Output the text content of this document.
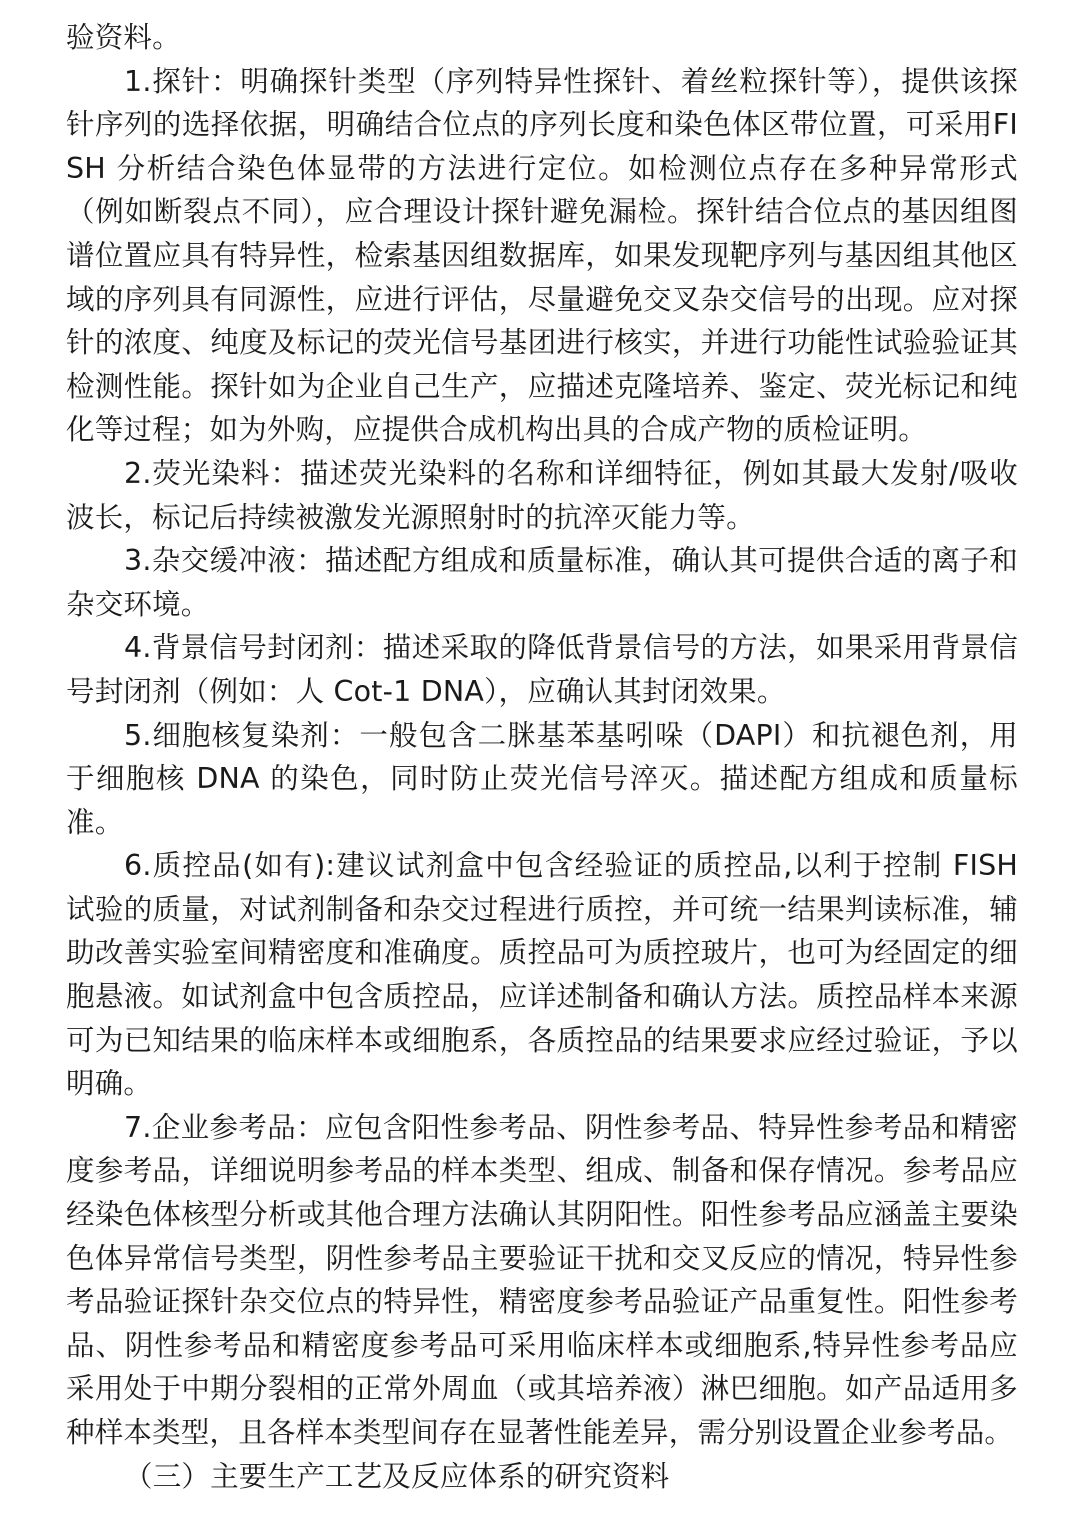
验资料。

1.探针：明确探针类型（序列特异性探针、着丝粒探针等），提供该探针序列的选择依据，明确结合位点的序列长度和染色体区带位置，可采用FISH 分析结合染色体显带的方法进行定位。如检测位点存在多种异常形式（例如断裂点不同），应合理设计探针避免漏检。探针结合位点的基因组图谱位置应具有特异性，检索基因组数据库，如果发现靶序列与基因组其他区域的序列具有同源性，应进行评估，尽量避免交叉杂交信号的出现。应对探针的浓度、纯度及标记的荧光信号基团进行核实，并进行功能性试验验证其检测性能。探针如为企业自己生产，应描述克隆培养、鉴定、荧光标记和纯化等过程；如为外购，应提供合成机构出具的合成产物的质检证明。

2.荧光染料：描述荧光染料的名称和详细特征，例如其最大发射/吸收波长，标记后持续被激发光源照射时的抗淬灭能力等。

3.杂交缓冲液：描述配方组成和质量标准，确认其可提供合适的离子和杂交环境。

4.背景信号封闭剂：描述采取的降低背景信号的方法，如果采用背景信号封闭剂（例如：人 Cot-1 DNA），应确认其封闭效果。

5.细胞核复染剂：一般包含二脒基苯基吲哚（DAPI）和抗褪色剂，用于细胞核 DNA 的染色，同时防止荧光信号淬灭。描述配方组成和质量标准。

6.质控品(如有):建议试剂盒中包含经验证的质控品,以利于控制 FISH 试验的质量，对试剂制备和杂交过程进行质控，并可统一结果判读标准，辅助改善实验室间精密度和准确度。质控品可为质控玻片，也可为经固定的细胞悬液。如试剂盒中包含质控品，应详述制备和确认方法。质控品样本来源可为已知结果的临床样本或细胞系，各质控品的结果要求应经过验证，予以明确。

7.企业参考品：应包含阳性参考品、阴性参考品、特异性参考品和精密度参考品，详细说明参考品的样本类型、组成、制备和保存情况。参考品应经染色体核型分析或其他合理方法确认其阴阳性。阳性参考品应涵盖主要染色体异常信号类型，阴性参考品主要验证干扰和交叉反应的情况，特异性参考品验证探针杂交位点的特异性，精密度参考品验证产品重复性。阳性参考品、阴性参考品和精密度参考品可采用临床样本或细胞系,特异性参考品应采用处于中期分裂相的正常外周血（或其培养液）淋巴细胞。如产品适用多种样本类型，且各样本类型间存在显著性能差异，需分别设置企业参考品。

（三）主要生产工艺及反应体系的研究资料
